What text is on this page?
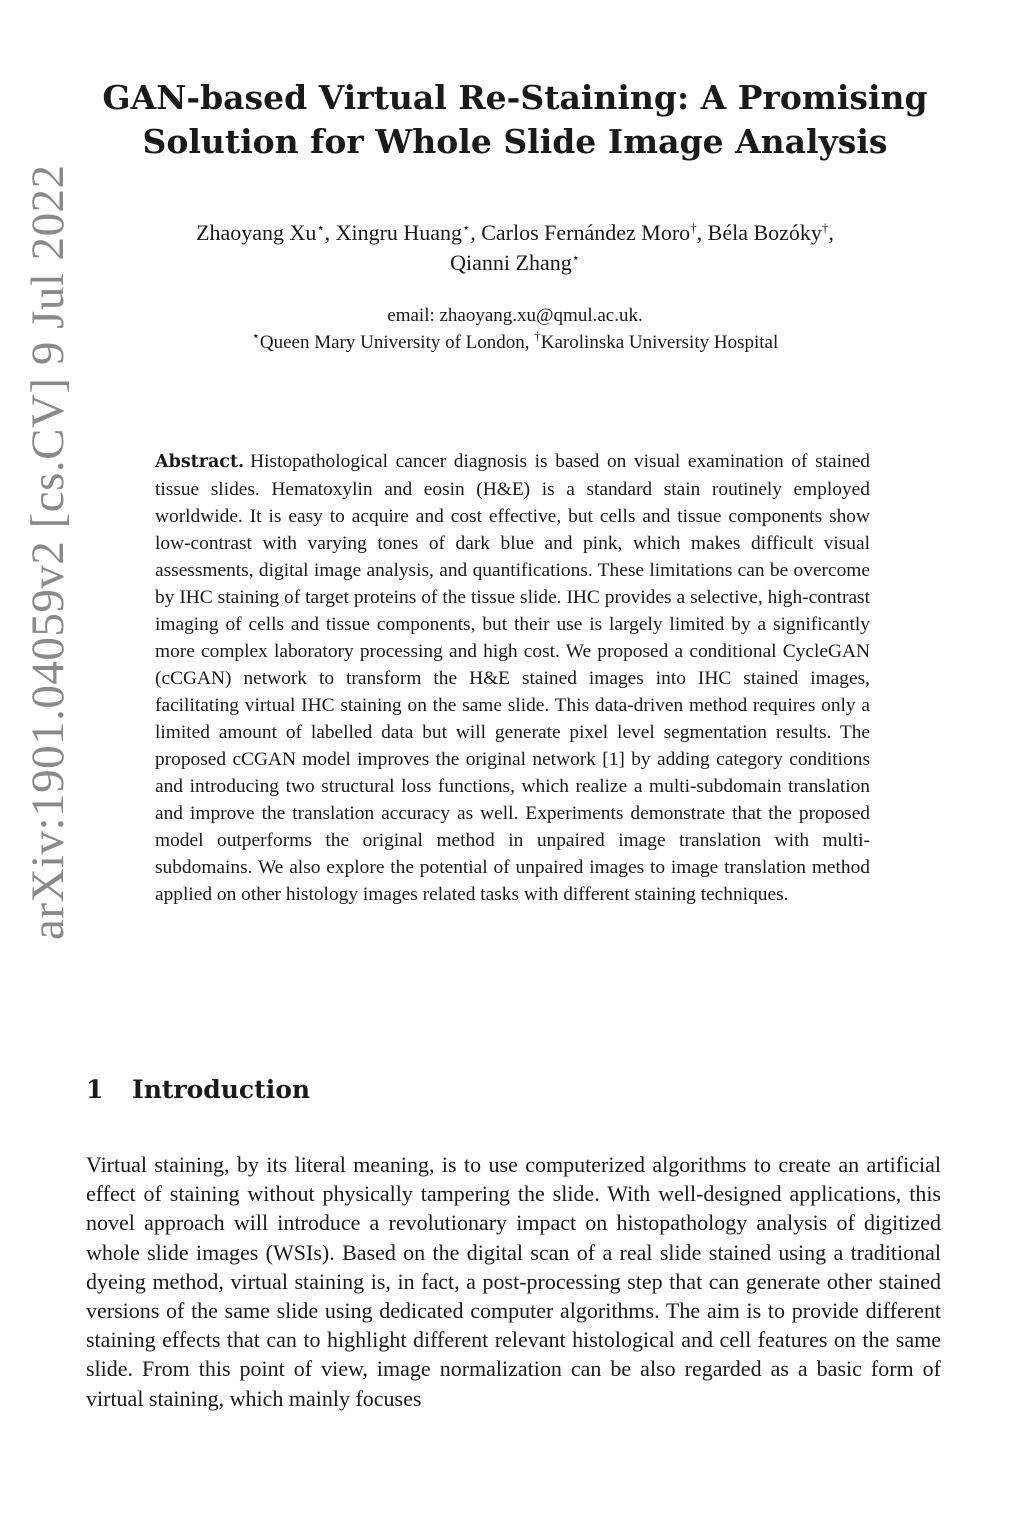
arXiv:1901.04059v2 [cs.CV] 9 Jul 2022
GAN-based Virtual Re-Staining: A Promising
Solution for Whole Slide Image Analysis
Zhaoyang Xu⋆ , Xingru Huang⋆ , Carlos Fernández Moro† , Béla Bozóky† ,
Qianni Zhang⋆
email: zhaoyang.xu@qmul.ac.uk.
⋆Queen Mary University of London, †Karolinska University Hospital
Abstract. Histopathological cancer diagnosis is based on visual examination of stained tissue slides. Hematoxylin and eosin (H&E) is a standard stain routinely employed worldwide. It is easy to acquire and cost effective, but cells and tissue components show low-contrast with varying tones of dark blue and pink, which makes difficult visual assessments, digital image analysis, and quantifications. These limitations can be overcome by IHC staining of target proteins of the tissue slide. IHC provides a selective, high-contrast imaging of cells and tissue components, but their use is largely limited by a significantly more complex laboratory processing and high cost. We proposed a conditional CycleGAN (cCGAN) network to transform the H&E stained images into IHC stained images, facilitating virtual IHC staining on the same slide. This data-driven method requires only a limited amount of labelled data but will generate pixel level segmentation results. The proposed cCGAN model improves the original network [1] by adding category conditions and introducing two structural loss functions, which realize a multi-subdomain translation and improve the translation accuracy as well. Experiments demonstrate that the proposed model outperforms the original method in unpaired image translation with multi-subdomains. We also explore the potential of unpaired images to image translation method applied on other histology images related tasks with different staining techniques.
1 Introduction
Virtual staining, by its literal meaning, is to use computerized algorithms to create an artificial effect of staining without physically tampering the slide. With well-designed applications, this novel approach will introduce a revolutionary impact on histopathology analysis of digitized whole slide images (WSIs). Based on the digital scan of a real slide stained using a traditional dyeing method, virtual staining is, in fact, a post-processing step that can generate other stained versions of the same slide using dedicated computer algorithms. The aim is to provide different staining effects that can to highlight different relevant histological and cell features on the same slide. From this point of view, image normalization can be also regarded as a basic form of virtual staining, which mainly focuses
